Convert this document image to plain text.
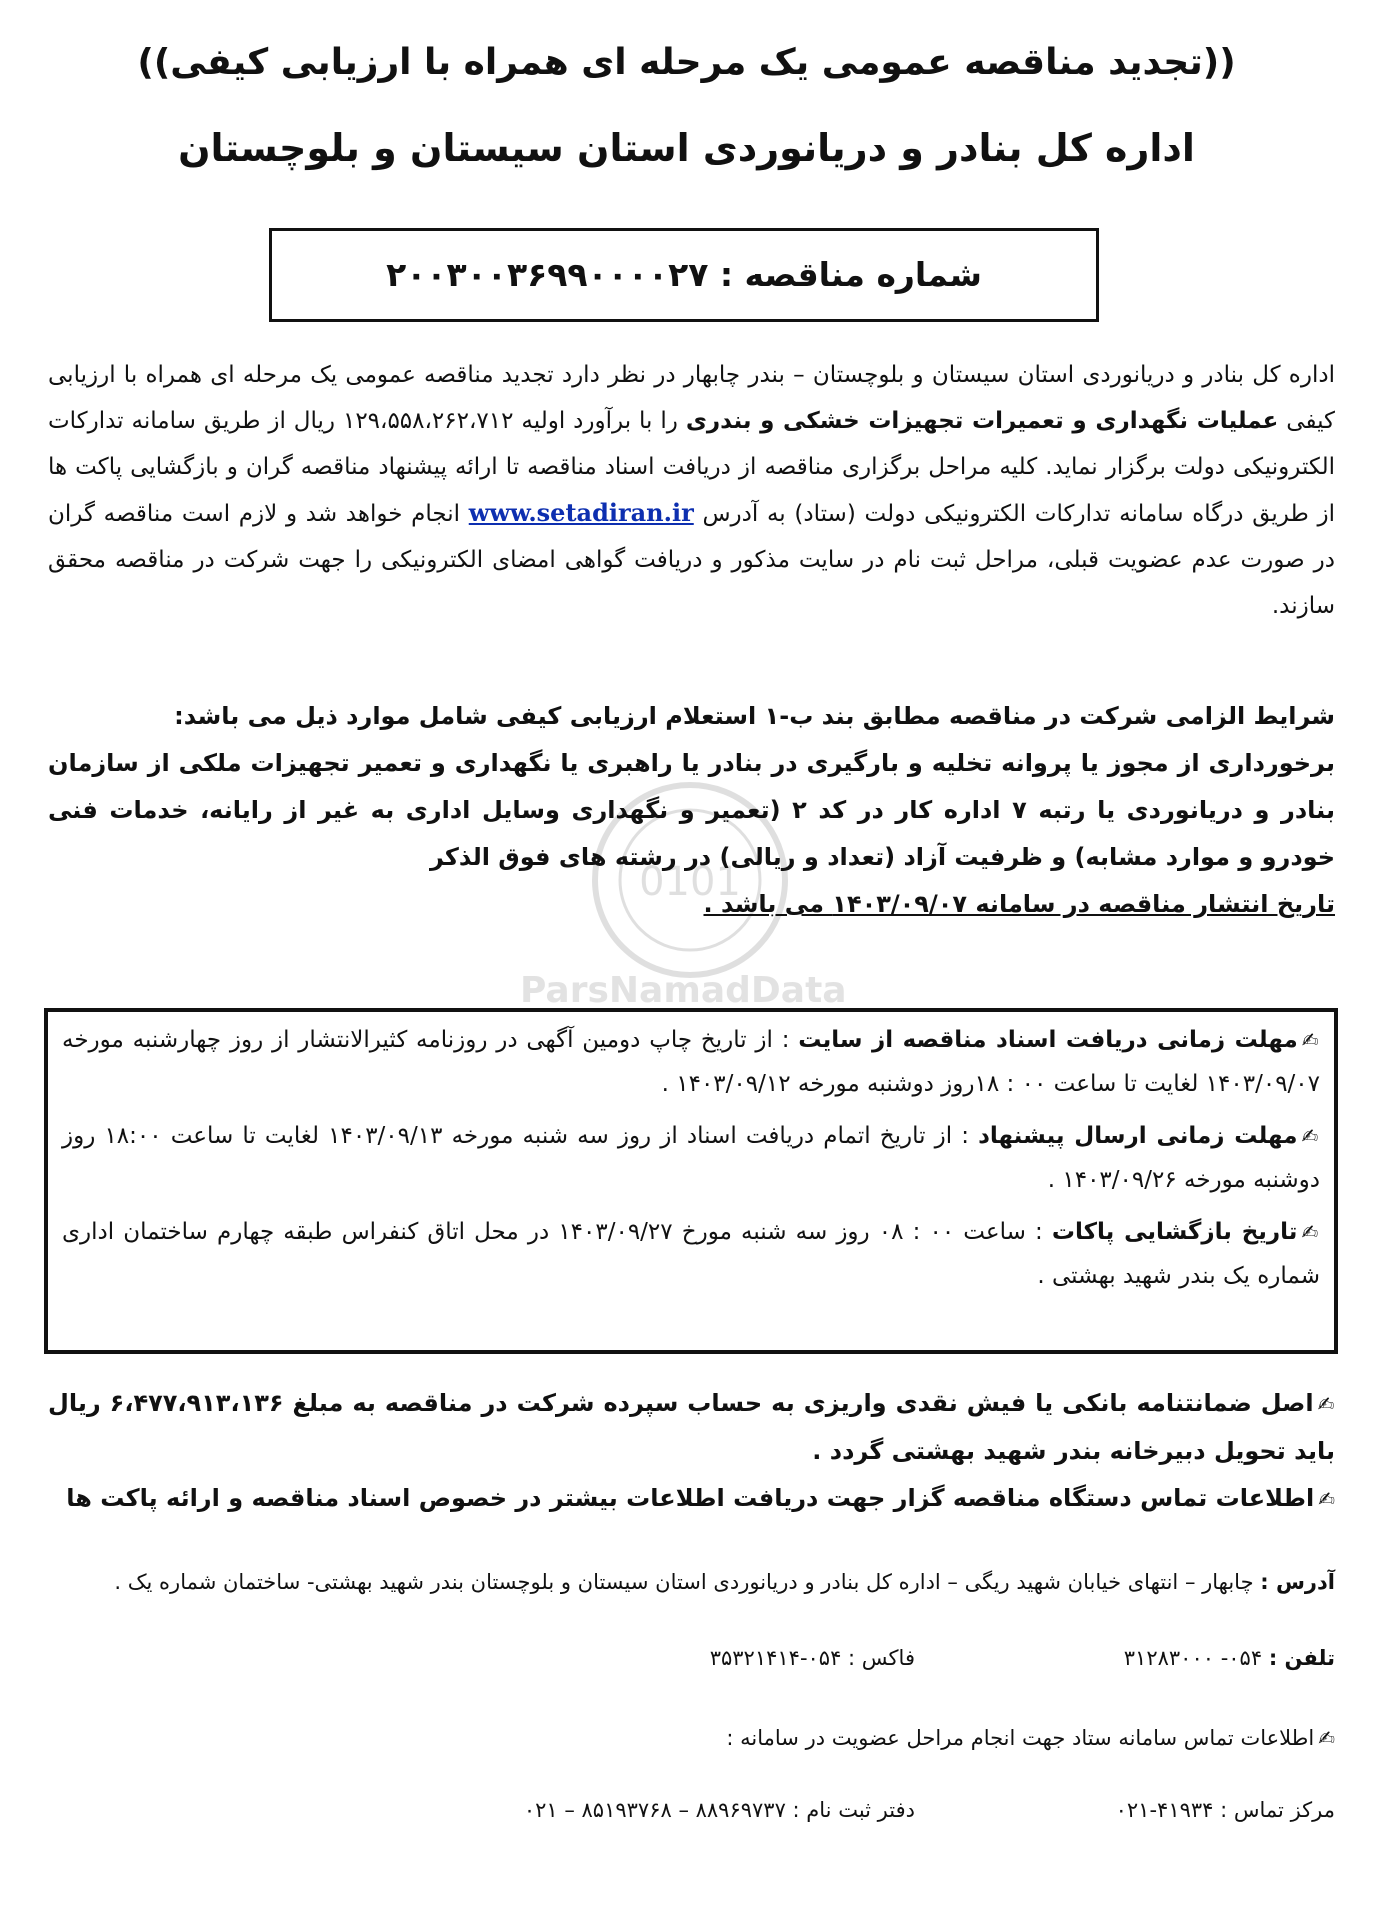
0101
ParsNamadData
((تجدید مناقصه عمومی یک مرحله ای همراه با ارزیابی کیفی))
اداره کل بنادر و دریانوردی استان سیستان و بلوچستان
شماره مناقصه : ۲۰۰۳۰۰۳۶۹۹۰۰۰۰۲۷
اداره کل بنادر و دریانوردی استان سیستان و بلوچستان – بندر چابهار در نظر دارد تجدید مناقصه عمومی یک مرحله ای همراه با ارزیابی کیفی عملیات نگهداری و تعمیرات تجهیزات خشکی و بندری را با برآورد اولیه ۱۲۹،۵۵۸،۲۶۲،۷۱۲ ریال از طریق سامانه تدارکات الکترونیکی دولت برگزار نماید. کلیه مراحل برگزاری مناقصه از دریافت اسناد مناقصه تا ارائه پیشنهاد مناقصه گران و بازگشایی پاکت ها از طریق درگاه سامانه تدارکات الکترونیکی دولت (ستاد) به آدرس www.setadiran.ir انجام خواهد شد و لازم است مناقصه گران در صورت عدم عضویت قبلی، مراحل ثبت نام در سایت مذکور و دریافت گواهی امضای الکترونیکی را جهت شرکت در مناقصه محقق سازند.
شرایط الزامی شرکت در مناقصه مطابق بند ب-۱ استعلام ارزیابی کیفی شامل موارد ذیل می باشد:
برخورداری از مجوز یا پروانه تخلیه و بارگیری در بنادر یا راهبری یا نگهداری و تعمیر تجهیزات ملکی از سازمان بنادر و دریانوردی یا رتبه ۷ اداره کار در کد ۲ (تعمیر و نگهداری وسایل اداری به غیر از رایانه، خدمات فنی خودرو و موارد مشابه) و ظرفیت آزاد (تعداد و ریالی) در رشته های فوق الذکر
تاریخ انتشار مناقصه در سامانه ۱۴۰۳/۰۹/۰۷ می باشد .

✍مهلت زمانی دریافت اسناد مناقصه از سایت : از تاریخ چاپ دومین آگهی در روزنامه کثیرالانتشار از روز چهارشنبه مورخه ۱۴۰۳/۰۹/۰۷ لغایت تا ساعت ۰۰ : ۱۸روز دوشنبه مورخه ۱۴۰۳/۰۹/۱۲ .

✍مهلت زمانی ارسال پیشنهاد : از تاریخ اتمام دریافت اسناد از روز سه شنبه مورخه ۱۴۰۳/۰۹/۱۳ لغایت تا ساعت ۱۸:۰۰ روز دوشنبه مورخه ۱۴۰۳/۰۹/۲۶ .

✍تاریخ بازگشایی پاکات : ساعت ۰۰ : ۰۸ روز سه شنبه مورخ ۱۴۰۳/۰۹/۲۷ در محل اتاق کنفراس طبقه چهارم ساختمان اداری شماره یک بندر شهید بهشتی .

✍اصل ضمانتنامه بانکی یا فیش نقدی واریزی به حساب سپرده شرکت در مناقصه به مبلغ ۶،۴۷۷،۹۱۳،۱۳۶ ریال باید تحویل دبیرخانه بندر شهید بهشتی گردد .

✍اطلاعات تماس دستگاه مناقصه گزار جهت دریافت اطلاعات بیشتر در خصوص اسناد مناقصه و ارائه پاکت ها

آدرس : چابهار – انتهای خیابان شهید ریگی – اداره کل بنادر و دریانوردی استان سیستان و بلوچستان بندر شهید بهشتی- ساختمان شماره یک .
تلفن : ۰۵۴- ۳۱۲۸۳۰۰۰
فاکس : ۰۵۴-۳۵۳۲۱۴۱۴
✍اطلاعات تماس سامانه ستاد جهت انجام مراحل عضویت در سامانه :
مرکز تماس : ۴۱۹۳۴-۰۲۱
دفتر ثبت نام : ۸۸۹۶۹۷۳۷ – ۸۵۱۹۳۷۶۸ – ۰۲۱
